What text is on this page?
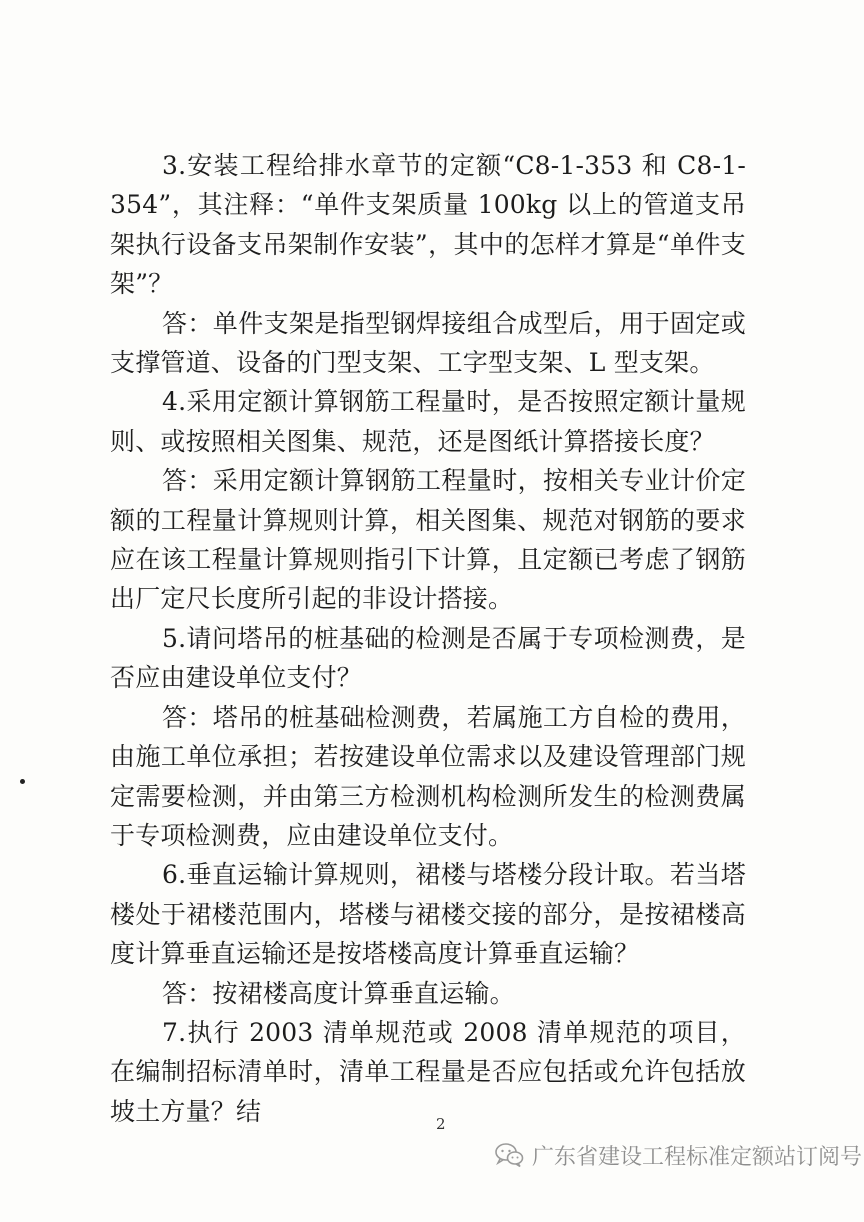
3.安装工程给排水章节的定额“C8-1-353 和 C8-1-354”，其注释：“单件支架质量 100kg 以上的管道支吊架执行设备支吊架制作安装”，其中的怎样才算是“单件支架”？

答：单件支架是指型钢焊接组合成型后，用于固定或支撑管道、设备的门型支架、工字型支架、L 型支架。

4.采用定额计算钢筋工程量时，是否按照定额计量规则、或按照相关图集、规范，还是图纸计算搭接长度？

答：采用定额计算钢筋工程量时，按相关专业计价定额的工程量计算规则计算，相关图集、规范对钢筋的要求应在该工程量计算规则指引下计算，且定额已考虑了钢筋出厂定尺长度所引起的非设计搭接。

5.请问塔吊的桩基础的检测是否属于专项检测费，是否应由建设单位支付？

答：塔吊的桩基础检测费，若属施工方自检的费用，由施工单位承担；若按建设单位需求以及建设管理部门规定需要检测，并由第三方检测机构检测所发生的检测费属于专项检测费，应由建设单位支付。

6.垂直运输计算规则，裙楼与塔楼分段计取。若当塔楼处于裙楼范围内，塔楼与裙楼交接的部分，是按裙楼高度计算垂直运输还是按塔楼高度计算垂直运输？

答：按裙楼高度计算垂直运输。

7.执行 2003 清单规范或 2008 清单规范的项目，在编制招标清单时，清单工程量是否应包括或允许包括放坡土方量？结	2
广东省建设工程标准定额站订阅号
